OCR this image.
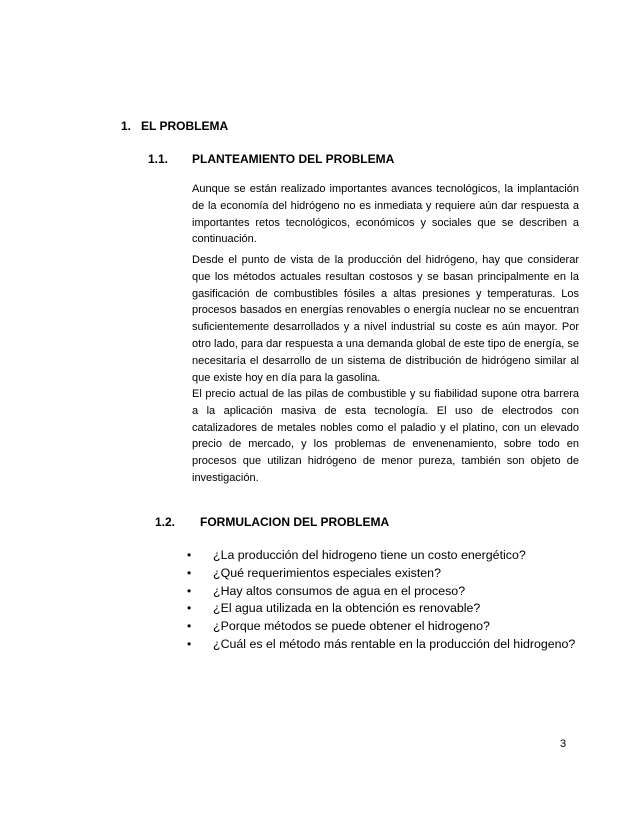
1. EL PROBLEMA
1.1. PLANTEAMIENTO DEL PROBLEMA

Aunque se están realizado importantes avances tecnológicos, la implantación de la economía del hidrógeno no es inmediata y requiere aún dar respuesta a importantes retos tecnológicos, económicos y sociales que se describen a continuación.

Desde el punto de vista de la producción del hidrógeno, hay que considerar que los métodos actuales resultan costosos y se basan principalmente en la gasificación de combustibles fósiles a altas presiones y temperaturas. Los procesos basados en energías renovables o energía nuclear no se encuentran suficientemente desarrollados y a nivel industrial su coste es aún mayor. Por otro lado, para dar respuesta a una demanda global de este tipo de energía, se necesitaría el desarrollo de un sistema de distribución de hidrógeno similar al que existe hoy en día para la gasolina.

El precio actual de las pilas de combustible y su fiabilidad supone otra barrera a la aplicación masiva de esta tecnología. El uso de electrodos con catalizadores de metales nobles como el paladio y el platino, con un elevado precio de mercado, y los problemas de envenenamiento, sobre todo en procesos que utilizan hidrógeno de menor pureza, también son objeto de investigación.

1.2. FORMULACION DEL PROBLEMA
• ¿La producción del hidrogeno tiene un costo energético?
• ¿Qué requerimientos especiales existen?
• ¿Hay altos consumos de agua en el proceso?
• ¿El agua utilizada en la obtención es renovable?
• ¿Porque métodos se puede obtener el hidrogeno?
• ¿Cuál es el método más rentable en la producción del hidrogeno?
3
